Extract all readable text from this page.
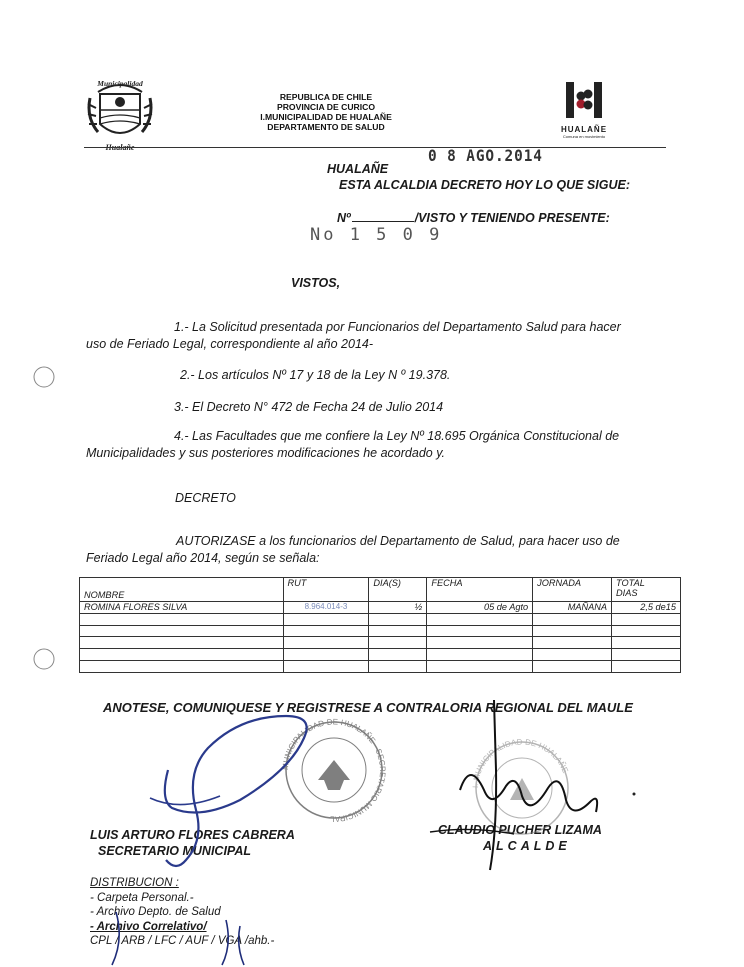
Municipalidad
Hualañe
REPUBLICA DE CHILE
PROVINCIA DE CURICO
I.MUNICIPALIDAD DE HUALAÑE
DEPARTAMENTO DE SALUD	HUALAÑE
Comuna en movimiento
0 8 AGO.2014
HUALAÑE
ESTA ALCALDIA DECRETO HOY LO QUE SIGUE:
Nº	/VISTO Y TENIENDO PRESENTE:
No 1 5 0 9
VISTOS,
1.- La Solicitud presentada por Funcionarios del Departamento Salud para hacer
uso de Feriado Legal, correspondiente al año 2014-
2.- Los artículos Nº 17 y 18 de la Ley N º 19.378.
3.- El Decreto N° 472 de Fecha 24 de Julio 2014
4.- Las Facultades que me confiere la Ley Nº 18.695 Orgánica Constitucional de
Municipalidades y sus posteriores modificaciones he acordado y.
DECRETO
AUTORIZASE a los funcionarios del Departamento de Salud, para hacer uso de
Feriado Legal año 2014, según se señala:
NOMBRE	RUT	DIA(S)	FECHA	JORNADA	TOTAL
DIAS
ROMINA FLORES SILVA	8.964.014-3	½	05 de Agto	MAÑANA	2,5 de15

ANOTESE, COMUNIQUESE Y REGISTRESE A CONTRALORIA REGIONAL DEL MAULE
LUIS ARTURO FLORES CABRERA
SECRETARIO MUNICIPAL
CLAUDIO PUCHER LIZAMA
ALCALDE
DISTRIBUCION :
- Carpeta Personal.-
- Archivo Depto. de Salud
- Archivo Correlativo/
CPL / ARB / LFC / AUF / VGA /ahb.-
MUNICIPALIDAD DE HUALAÑE · SECRETARIO MUNICIPAL
I. MUNICIPALIDAD DE HUALAÑE
